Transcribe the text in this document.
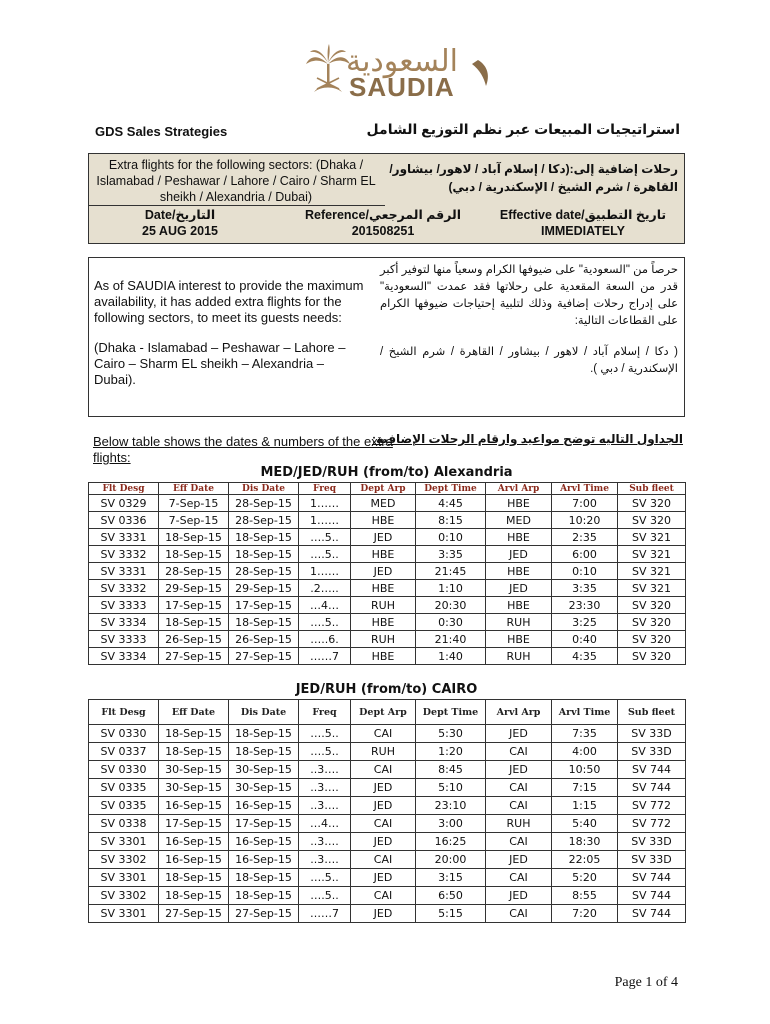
السعودية
SAUDIA
GDS Sales Strategies	استراتيجيات المبيعات عبر نظم التوزيع الشامل
Extra flights for the following sectors: (Dhaka / Islamabad / Peshawar / Lahore / Cairo / Sharm EL sheikh / Alexandria / Dubai)
رحلات إضافية إلى:(دكا / إسلام آباد / لاهور/ بيشاور/ القاهرة / شرم الشيخ / الإسكندرية / دبي)
Date/التاريخ
25 AUG 2015
Reference/الرقم المرجعي
201508251
Effective date/تاريخ التطبيق
IMMEDIATELY
As of SAUDIA interest to provide the maximum availability, it has added extra flights for the following sectors, to meet its guests needs:
(Dhaka - Islamabad – Peshawar – Lahore – Cairo – Sharm EL sheikh – Alexandria – Dubai).
حرصاً من "السعودية" على ضيوفها الكرام وسعياً منها لتوفير أكبر قدر من السعة المقعدية على رحلاتها فقد عمدت "السعودية" على إدراج رحلات إضافية وذلك لتلبية إحتياجات ضيوفها الكرام على القطاعات التالية:
( دكا / إسلام آباد / لاهور / بيشاور / القاهرة / شرم الشيخ / الإسكندرية / دبي ).
Below table shows the dates & numbers of the extra flights:
الجداول التاليه توضح مواعيد وارقام الرحلات الإضافية:
MED/JED/RUH (from/to) Alexandria
Flt Desg	Eff Date	Dis Date	Freq	Dept Arp	Dept Time	Arvl Arp	Arvl Time	Sub fleet
SV 0329	7-Sep-15	28-Sep-15	1……	MED	4:45	HBE	7:00	SV 320
SV 0336	7-Sep-15	28-Sep-15	1……	HBE	8:15	MED	10:20	SV 320
SV 3331	18-Sep-15	18-Sep-15	….5..	JED	0:10	HBE	2:35	SV 321
SV 3332	18-Sep-15	18-Sep-15	….5..	HBE	3:35	JED	6:00	SV 321
SV 3331	28-Sep-15	28-Sep-15	1……	JED	21:45	HBE	0:10	SV 321
SV 3332	29-Sep-15	29-Sep-15	.2…..	HBE	1:10	JED	3:35	SV 321
SV 3333	17-Sep-15	17-Sep-15	…4…	RUH	20:30	HBE	23:30	SV 320
SV 3334	18-Sep-15	18-Sep-15	….5..	HBE	0:30	RUH	3:25	SV 320
SV 3333	26-Sep-15	26-Sep-15	…..6.	RUH	21:40	HBE	0:40	SV 320
SV 3334	27-Sep-15	27-Sep-15	……7	HBE	1:40	RUH	4:35	SV 320
JED/RUH (from/to) CAIRO
Flt Desg	Eff Date	Dis Date	Freq	Dept Arp	Dept Time	Arvl Arp	Arvl Time	Sub fleet
SV 0330	18-Sep-15	18-Sep-15	….5..	CAI	5:30	JED	7:35	SV 33D
SV 0337	18-Sep-15	18-Sep-15	….5..	RUH	1:20	CAI	4:00	SV 33D
SV 0330	30-Sep-15	30-Sep-15	..3….	CAI	8:45	JED	10:50	SV 744
SV 0335	30-Sep-15	30-Sep-15	..3….	JED	5:10	CAI	7:15	SV 744
SV 0335	16-Sep-15	16-Sep-15	..3….	JED	23:10	CAI	1:15	SV 772
SV 0338	17-Sep-15	17-Sep-15	…4…	CAI	3:00	RUH	5:40	SV 772
SV 3301	16-Sep-15	16-Sep-15	..3….	JED	16:25	CAI	18:30	SV 33D
SV 3302	16-Sep-15	16-Sep-15	..3….	CAI	20:00	JED	22:05	SV 33D
SV 3301	18-Sep-15	18-Sep-15	….5..	JED	3:15	CAI	5:20	SV 744
SV 3302	18-Sep-15	18-Sep-15	….5..	CAI	6:50	JED	8:55	SV 744
SV 3301	27-Sep-15	27-Sep-15	……7	JED	5:15	CAI	7:20	SV 744
Page 1 of 4
